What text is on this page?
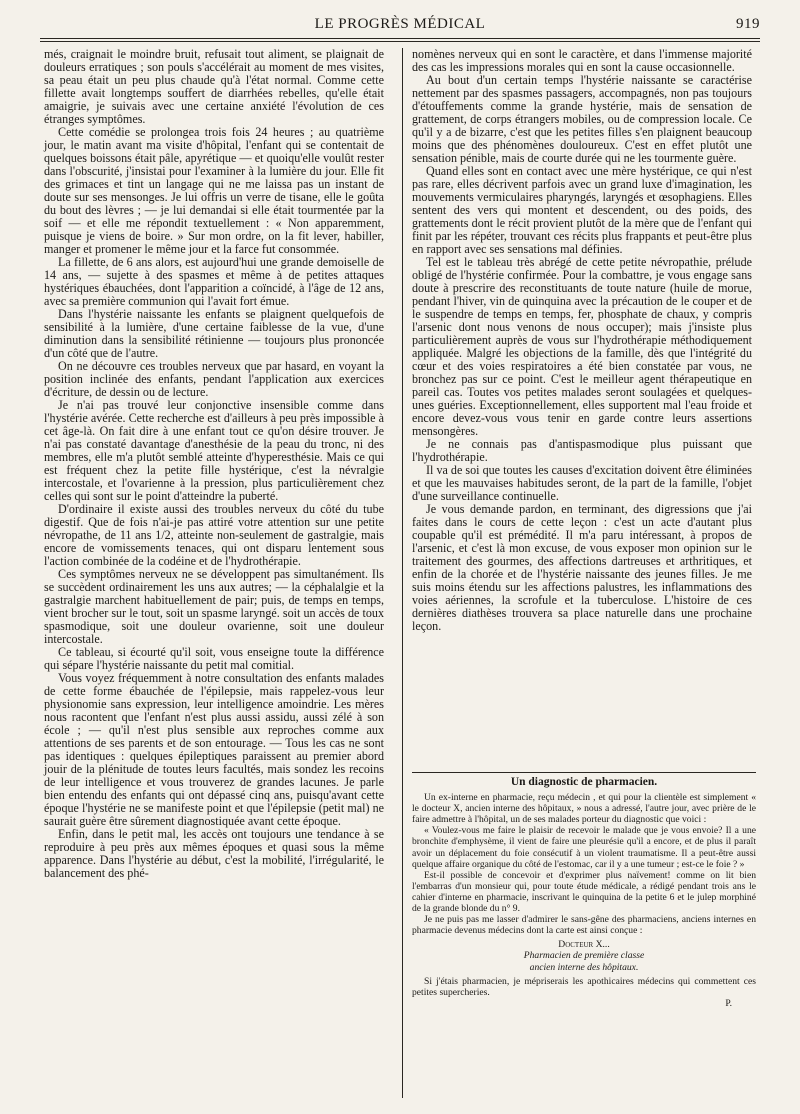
LE PROGRÈS MÉDICAL	919

més, craignait le moindre bruit, refusait tout aliment, se plaignait de douleurs erratiques ; son pouls s'accélérait au moment de mes visites, sa peau était un peu plus chaude qu'à l'état normal. Comme cette fillette avait longtemps souffert de diarrhées rebelles, qu'elle était amaigrie, je suivais avec une certaine anxiété l'évolution de ces étranges symptômes.

Cette comédie se prolongea trois fois 24 heures ; au quatrième jour, le matin avant ma visite d'hôpital, l'enfant qui se contentait de quelques boissons était pâle, apyrétique — et quoiqu'elle voulût rester dans l'obscurité, j'insistai pour l'examiner à la lumière du jour. Elle fit des grimaces et tint un langage qui ne me laissa pas un instant de doute sur ses mensonges. Je lui offris un verre de tisane, elle le goûta du bout des lèvres ; — je lui demandai si elle était tourmentée par la soif — et elle me répondit textuellement : « Non apparemment, puisque je viens de boire. » Sur mon ordre, on la fit lever, habiller, manger et promener le même jour et la farce fut consommée.

La fillette, de 6 ans alors, est aujourd'hui une grande demoiselle de 14 ans, — sujette à des spasmes et même à de petites attaques hystériques ébauchées, dont l'apparition a coïncidé, à l'âge de 12 ans, avec sa première communion qui l'avait fort émue.

Dans l'hystérie naissante les enfants se plaignent quelquefois de sensibilité à la lumière, d'une certaine faiblesse de la vue, d'une diminution dans la sensibilité rétinienne — toujours plus prononcée d'un côté que de l'autre.

On ne découvre ces troubles nerveux que par hasard, en voyant la position inclinée des enfants, pendant l'application aux exercices d'écriture, de dessin ou de lecture.

Je n'ai pas trouvé leur conjonctive insensible comme dans l'hystérie avérée. Cette recherche est d'ailleurs à peu près impossible à cet âge-là. On fait dire à une enfant tout ce qu'on désire trouver. Je n'ai pas constaté davantage d'anesthésie de la peau du tronc, ni des membres, elle m'a plutôt semblé atteinte d'hyperesthésie. Mais ce qui est fréquent chez la petite fille hystérique, c'est la névralgie intercostale, et l'ovarienne à la pression, plus particulièrement chez celles qui sont sur le point d'atteindre la puberté.

D'ordinaire il existe aussi des troubles nerveux du côté du tube digestif. Que de fois n'ai-je pas attiré votre attention sur une petite névropathe, de 11 ans 1/2, atteinte non-seulement de gastralgie, mais encore de vomissements tenaces, qui ont disparu lentement sous l'action combinée de la codéine et de l'hydrothérapie.

Ces symptômes nerveux ne se développent pas simultanément. Ils se succèdent ordinairement les uns aux autres; — la céphalalgie et la gastralgie marchent habituellement de pair; puis, de temps en temps, vient brocher sur le tout, soit un spasme laryngé. soit un accès de toux spasmodique, soit une douleur ovarienne, soit une douleur intercostale.

Ce tableau, si écourté qu'il soit, vous enseigne toute la différence qui sépare l'hystérie naissante du petit mal comitial.

Vous voyez fréquemment à notre consultation des enfants malades de cette forme ébauchée de l'épilepsie, mais rappelez-vous leur physionomie sans expression, leur intelligence amoindrie. Les mères nous racontent que l'enfant n'est plus aussi assidu, aussi zélé à son école ; — qu'il n'est plus sensible aux reproches comme aux attentions de ses parents et de son entourage. — Tous les cas ne sont pas identiques : quelques épileptiques paraissent au premier abord jouir de la plénitude de toutes leurs facultés, mais sondez les recoins de leur intelligence et vous trouverez de grandes lacunes. Je parle bien entendu des enfants qui ont dépassé cinq ans, puisqu'avant cette époque l'hystérie ne se manifeste point et que l'épilepsie (petit mal) ne saurait guère être sûrement diagnostiquée avant cette époque.

Enfin, dans le petit mal, les accès ont toujours une tendance à se reproduire à peu près aux mêmes époques et quasi sous la même apparence. Dans l'hystérie au début, c'est la mobilité, l'irrégularité, le balancement des phé-

nomènes nerveux qui en sont le caractère, et dans l'immense majorité des cas les impressions morales qui en sont la cause occasionnelle.

Au bout d'un certain temps l'hystérie naissante se caractérise nettement par des spasmes passagers, accompagnés, non pas toujours d'étouffements comme la grande hystérie, mais de sensation de grattement, de corps étrangers mobiles, ou de compression locale. Ce qu'il y a de bizarre, c'est que les petites filles s'en plaignent beaucoup moins que des phénomènes douloureux. C'est en effet plutôt une sensation pénible, mais de courte durée qui ne les tourmente guère.

Quand elles sont en contact avec une mère hystérique, ce qui n'est pas rare, elles décrivent parfois avec un grand luxe d'imagination, les mouvements vermiculaires pharyngés, laryngés et œsophagiens. Elles sentent des vers qui montent et descendent, ou des poids, des grattements dont le récit provient plutôt de la mère que de l'enfant qui finit par les répéter, trouvant ces récits plus frappants et peut-être plus en rapport avec ses sensations mal définies.

Tel est le tableau très abrégé de cette petite névropathie, prélude obligé de l'hystérie confirmée. Pour la combattre, je vous engage sans doute à prescrire des reconstituants de toute nature (huile de morue, pendant l'hiver, vin de quinquina avec la précaution de le couper et de le suspendre de temps en temps, fer, phosphate de chaux, y compris l'arsenic dont nous venons de nous occuper); mais j'insiste plus particulièrement auprès de vous sur l'hydrothérapie méthodiquement appliquée. Malgré les objections de la famille, dès que l'intégrité du cœur et des voies respiratoires a été bien constatée par vous, ne bronchez pas sur ce point. C'est le meilleur agent thérapeutique en pareil cas. Toutes vos petites malades seront soulagées et quelques-unes guéries. Exceptionnellement, elles supportent mal l'eau froide et encore devez-vous vous tenir en garde contre leurs assertions mensongères.

Je ne connais pas d'antispasmodique plus puissant que l'hydrothérapie.

Il va de soi que toutes les causes d'excitation doivent être éliminées et que les mauvaises habitudes seront, de la part de la famille, l'objet d'une surveillance continuelle.

Je vous demande pardon, en terminant, des digressions que j'ai faites dans le cours de cette leçon : c'est un acte d'autant plus coupable qu'il est prémédité. Il m'a paru intéressant, à propos de l'arsenic, et c'est là mon excuse, de vous exposer mon opinion sur le traitement des gourmes, des affections dartreuses et arthritiques, et enfin de la chorée et de l'hystérie naissante des jeunes filles. Je me suis moins étendu sur les affections palustres, les inflammations des voies aériennes, la scrofule et la tuberculose. L'histoire de ces dernières diathèses trouvera sa place naturelle dans une prochaine leçon.

Un diagnostic de pharmacien.

Un ex-interne en pharmacie, reçu médecin , et qui pour la clientèle est simplement « le docteur X, ancien interne des hôpitaux, » nous a adressé, l'autre jour, avec prière de le faire admettre à l'hôpital, un de ses malades porteur du diagnostic que voici :

« Voulez-vous me faire le plaisir de recevoir le malade que je vous envoie? Il a une bronchite d'emphysème, il vient de faire une pleurésie qu'il a encore, et de plus il paraît avoir un déplacement du foie consécutif à un violent traumatisme. Il a peut-être aussi quelque affaire organique du côté de l'estomac, car il y a une tumeur ; est-ce le foie ? »

Est-il possible de concevoir et d'exprimer plus naïvement! comme on lit bien l'embarras d'un monsieur qui, pour toute étude médicale, a rédigé pendant trois ans le cahier d'interne en pharmacie, inscrivant le quinquina de la petite 6 et le julep morphiné de la grande blonde du n° 9.

Je ne puis pas me lasser d'admirer le sans-gêne des pharmaciens, anciens internes en pharmacie devenus médecins dont la carte est ainsi conçue :

Docteur X...

Pharmacien de première classe

ancien interne des hôpitaux.

Si j'étais pharmacien, je mépriserais les apothicaires médecins qui commettent ces petites supercheries.

P.
